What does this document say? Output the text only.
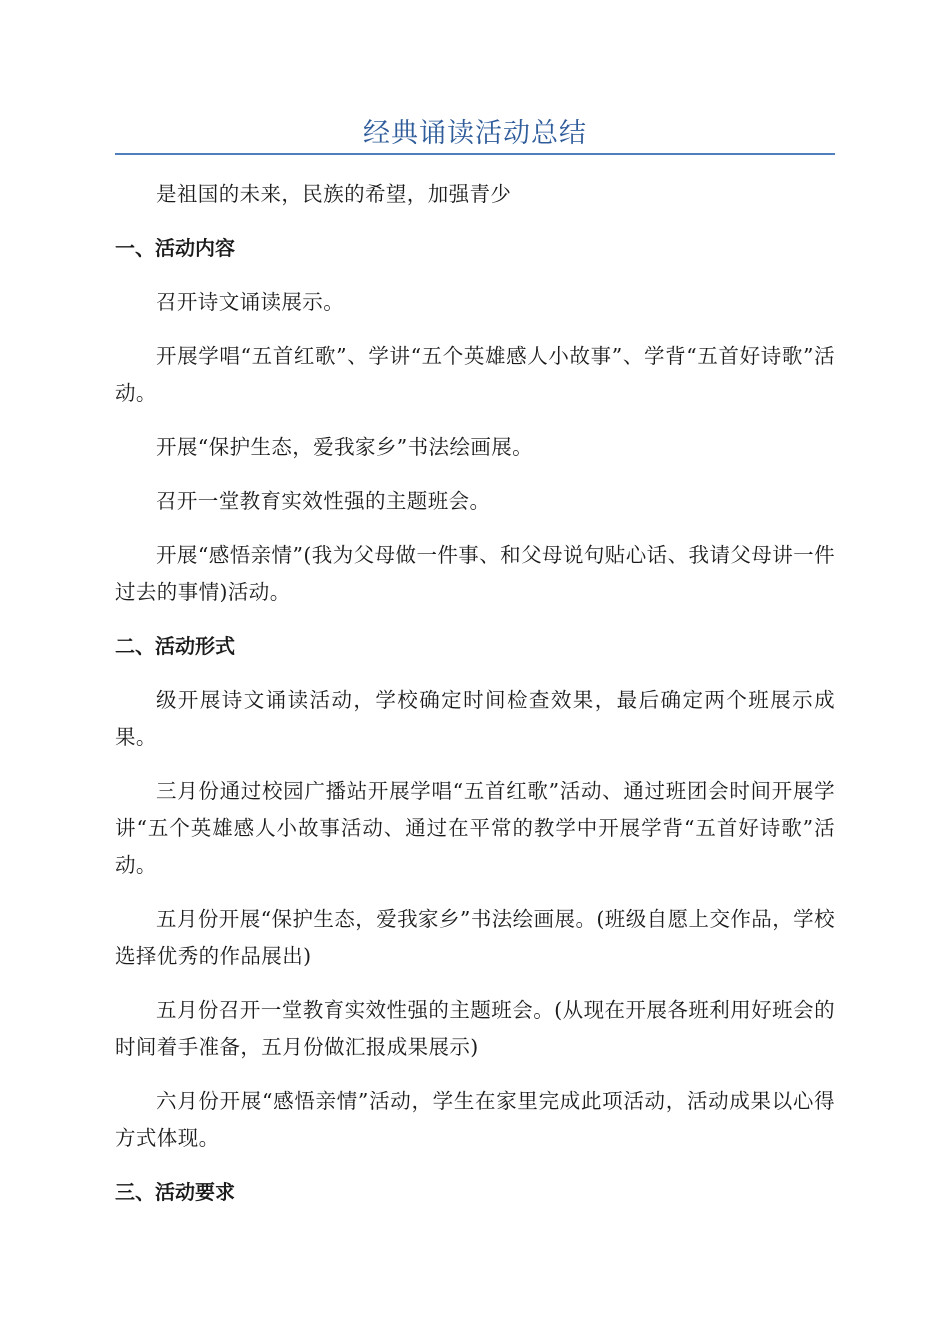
经典诵读活动总结

是祖国的未来，民族的希望，加强青少

一、活动内容

召开诗文诵读展示。

开展学唱“五首红歌”、学讲“五个英雄感人小故事”、学背“五首好诗歌”活动。

开展“保护生态，爱我家乡”书法绘画展。

召开一堂教育实效性强的主题班会。

开展“感悟亲情”(我为父母做一件事、和父母说句贴心话、我请父母讲一件过去的事情)活动。

二、活动形式

级开展诗文诵读活动，学校确定时间检查效果，最后确定两个班展示成果。

三月份通过校园广播站开展学唱“五首红歌”活动、通过班团会时间开展学讲“五个英雄感人小故事活动、通过在平常的教学中开展学背“五首好诗歌”活动。

五月份开展“保护生态，爱我家乡”书法绘画展。(班级自愿上交作品，学校选择优秀的作品展出)

五月份召开一堂教育实效性强的主题班会。(从现在开展各班利用好班会的时间着手准备，五月份做汇报成果展示)

六月份开展“感悟亲情”活动，学生在家里完成此项活动，活动成果以心得方式体现。

三、活动要求
